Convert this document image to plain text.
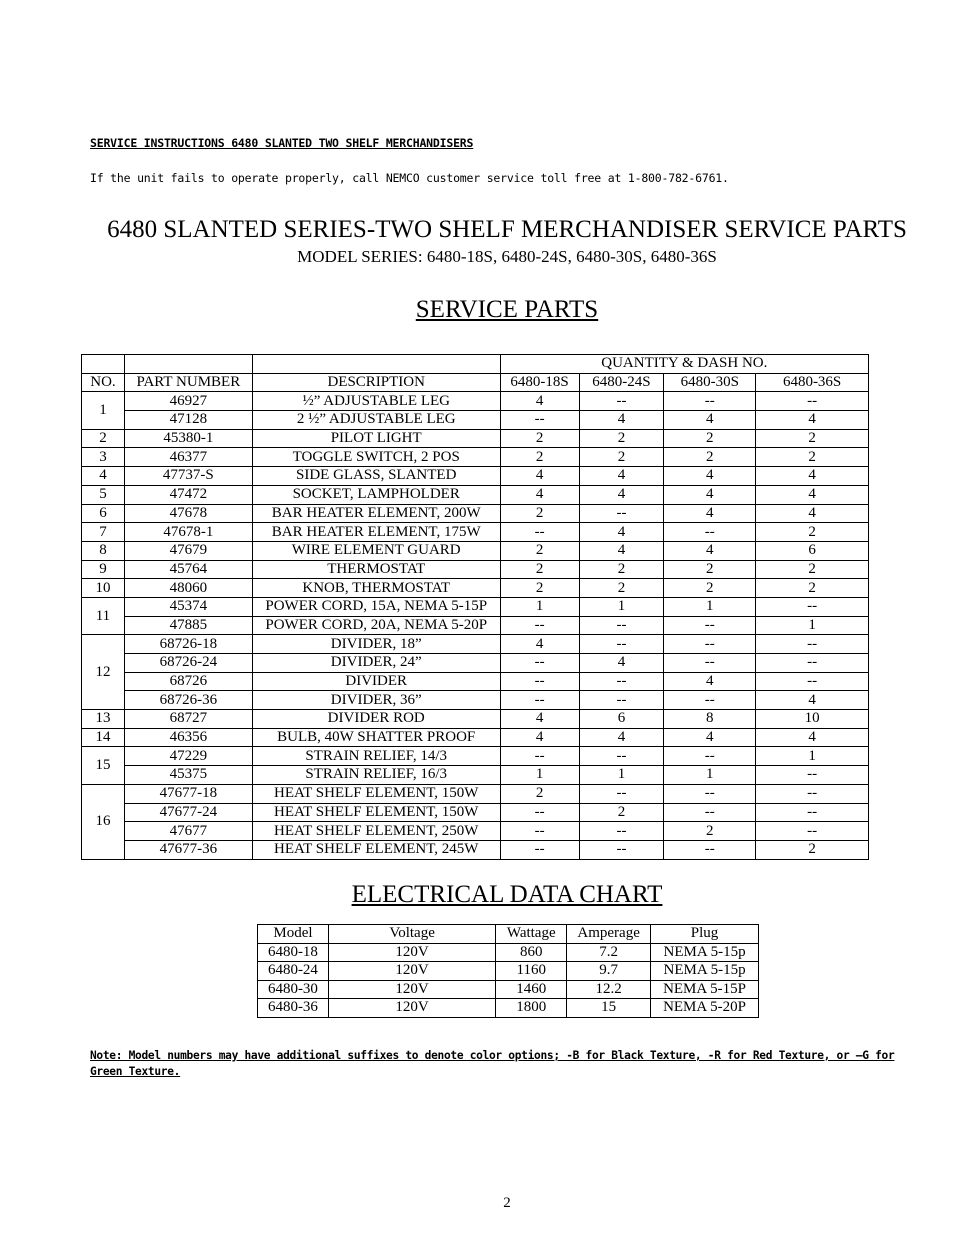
SERVICE INSTRUCTIONS 6480 SLANTED TWO SHELF MERCHANDISERS
If the unit fails to operate properly, call NEMCO customer service toll free at 1-800-782-6761.
6480 SLANTED SERIES-TWO SHELF MERCHANDISER SERVICE PARTS
MODEL SERIES: 6480-18S, 6480-24S, 6480-30S, 6480-36S
SERVICE PARTS
			QUANTITY & DASH NO.			
NO.	PART NUMBER	DESCRIPTION	6480-18S	6480-24S	6480-30S	6480-36S
1	46927	½” ADJUSTABLE LEG	4	--	--	--
	47128	2 ½” ADJUSTABLE LEG	--	4	4	4
2	45380-1	PILOT LIGHT	2	2	2	2
3	46377	TOGGLE SWITCH, 2 POS	2	2	2	2
4	47737-S	SIDE GLASS, SLANTED	4	4	4	4
5	47472	SOCKET, LAMPHOLDER	4	4	4	4
6	47678	BAR HEATER ELEMENT, 200W	2	--	4	4
7	47678-1	BAR HEATER ELEMENT, 175W	--	4	--	2
8	47679	WIRE ELEMENT GUARD	2	4	4	6
9	45764	THERMOSTAT	2	2	2	2
10	48060	KNOB, THERMOSTAT	2	2	2	2
11	45374	POWER CORD, 15A, NEMA 5-15P	1	1	1	--
	47885	POWER CORD, 20A, NEMA 5-20P	--	--	--	1
12	68726-18	DIVIDER, 18”	4	--	--	--
	68726-24	DIVIDER, 24”	--	4	--	--
	68726	DIVIDER	--	--	4	--
	68726-36	DIVIDER, 36”	--	--	--	4
13	68727	DIVIDER ROD	4	6	8	10
14	46356	BULB, 40W SHATTER PROOF	4	4	4	4
15	47229	STRAIN RELIEF, 14/3	--	--	--	1
	45375	STRAIN RELIEF, 16/3	1	1	1	--
16	47677-18	HEAT SHELF ELEMENT, 150W	2	--	--	--
	47677-24	HEAT SHELF ELEMENT, 150W	--	2	--	--
	47677	HEAT SHELF ELEMENT, 250W	--	--	2	--
	47677-36	HEAT SHELF ELEMENT, 245W	--	--	--	2
ELECTRICAL DATA CHART
Model	Voltage	Wattage	Amperage	Plug
6480-18	120V	860	7.2	NEMA 5-15p
6480-24	120V	1160	9.7	NEMA 5-15p
6480-30	120V	1460	12.2	NEMA 5-15P
6480-36	120V	1800	15	NEMA 5-20P
Note: Model numbers may have additional suffixes to denote color options; -B for Black Texture, -R for Red Texture, or –G for Green Texture.
2
